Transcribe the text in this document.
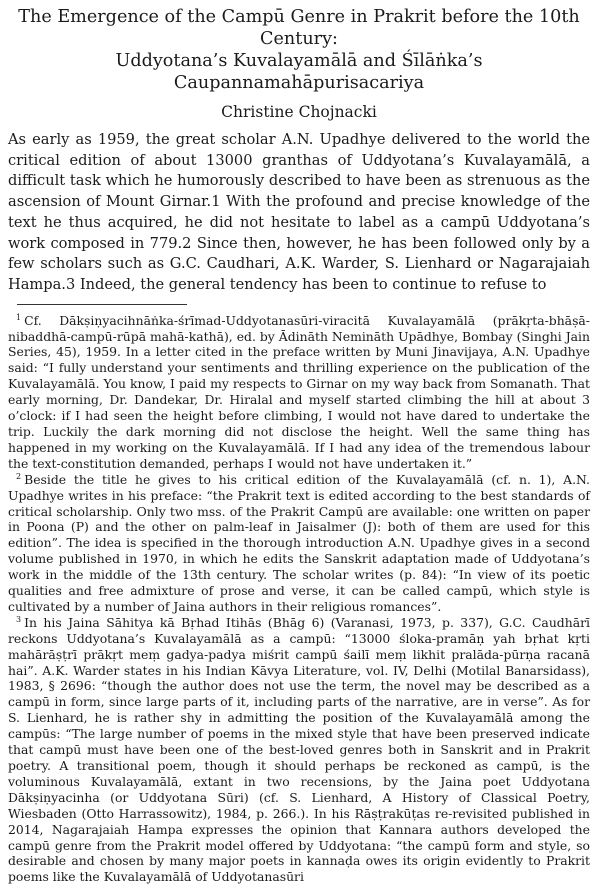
The Emergence of the Campū Genre in Prakrit before the 10th Century:
Uddyotana’s Kuvalayamālā and Śīlāṅka’s Caupannamahāpurisacariya
Christine Chojnacki

As early as 1959, the great scholar A.N. Upadhye delivered to the world the critical edition of about 13000 granthas of Uddyotana’s Kuvalayamālā, a difficult task which he humorously described to have been as strenuous as the ascension of Mount Girnar.1 With the profound and precise knowledge of the text he thus acquired, he did not hesitate to label as a campū Uddyotana’s work composed in 779.2 Since then, however, he has been followed only by a few scholars such as G.C. Caudhari, A.K. Warder, S. Lienhard or Nagarajaiah Hampa.3 Indeed, the general tendency has been to continue to refuse to

$^1$ Cf. Dākṣiṇyacihnāṅka-śrīmad-Uddyotanasūri-viracitā Kuvalayamālā (prākṛta-bhāṣā-nibaddhā-campū-rūpā mahā-kathā), ed. by Ādināth Nemināth Upādhye, Bombay (Singhi Jain Series, 45), 1959. In a letter cited in the preface written by Muni Jinavijaya, A.N. Upadhye said: “I fully understand your sentiments and thrilling experience on the publication of the Kuvalayamālā. You know, I paid my respects to Girnar on my way back from Somanath. That early morning, Dr. Dandekar, Dr. Hiralal and myself started climbing the hill at about 3 o’clock: if I had seen the height before climbing, I would not have dared to undertake the trip. Luckily the dark morning did not disclose the height. Well the same thing has happened in my working on the Kuvalayamālā. If I had any idea of the tremendous labour the text-constitution demanded, perhaps I would not have undertaken it.”

$^2$ Beside the title he gives to his critical edition of the Kuvalayamālā (cf. n. 1), A.N. Upadhye writes in his preface: “the Prakrit text is edited according to the best standards of critical scholarship. Only two mss. of the Prakrit Campū are available: one written on paper in Poona (P) and the other on palm-leaf in Jaisalmer (J): both of them are used for this edition”. The idea is specified in the thorough introduction A.N. Upadhye gives in a second volume published in 1970, in which he edits the Sanskrit adaptation made of Uddyotana’s work in the middle of the 13th century. The scholar writes (p. 84): “In view of its poetic qualities and free admixture of prose and verse, it can be called campū, which style is cultivated by a number of Jaina authors in their religious romances”.

$^3$ In his Jaina Sāhitya kā Bṛhad Itihās (Bhāg 6) (Varanasi, 1973, p. 337), G.C. Caudhārī reckons Uddyotana’s Kuvalayamālā as a campū: “13000 śloka-pramāṇ yah bṛhat kṛti mahārāṣṭrī prākṛt meṃ gadya-padya miśrit campū śailī meṃ likhit pralāda-pūrṇa racanā hai”. A.K. Warder states in his Indian Kāvya Literature, vol. IV, Delhi (Motilal Banarsidass), 1983, § 2696: “though the author does not use the term, the novel may be described as a campū in form, since large parts of it, including parts of the narrative, are in verse”. As for S. Lienhard, he is rather shy in admitting the position of the Kuvalayamālā among the campūs: “The large number of poems in the mixed style that have been preserved indicate that campū must have been one of the best-loved genres both in Sanskrit and in Prakrit poetry. A transitional poem, though it should perhaps be reckoned as campū, is the voluminous Kuvalayamālā, extant in two recensions, by the Jaina poet Uddyotana Dākṣiṇyacinha (or Uddyotana Sūri) (cf. S. Lienhard, A History of Classical Poetry, Wiesbaden (Otto Harrassowitz), 1984, p. 266.). In his Rāṣṭrakūṭas re-revisited published in 2014, Nagarajaiah Hampa expresses the opinion that Kannara authors developed the campū genre from the Prakrit model offered by Uddyotana: “the campū form and style, so desirable and chosen by many major poets in kannaḍa owes its origin evidently to Prakrit poems like the Kuvalayamālā of Uddyotanasūri
